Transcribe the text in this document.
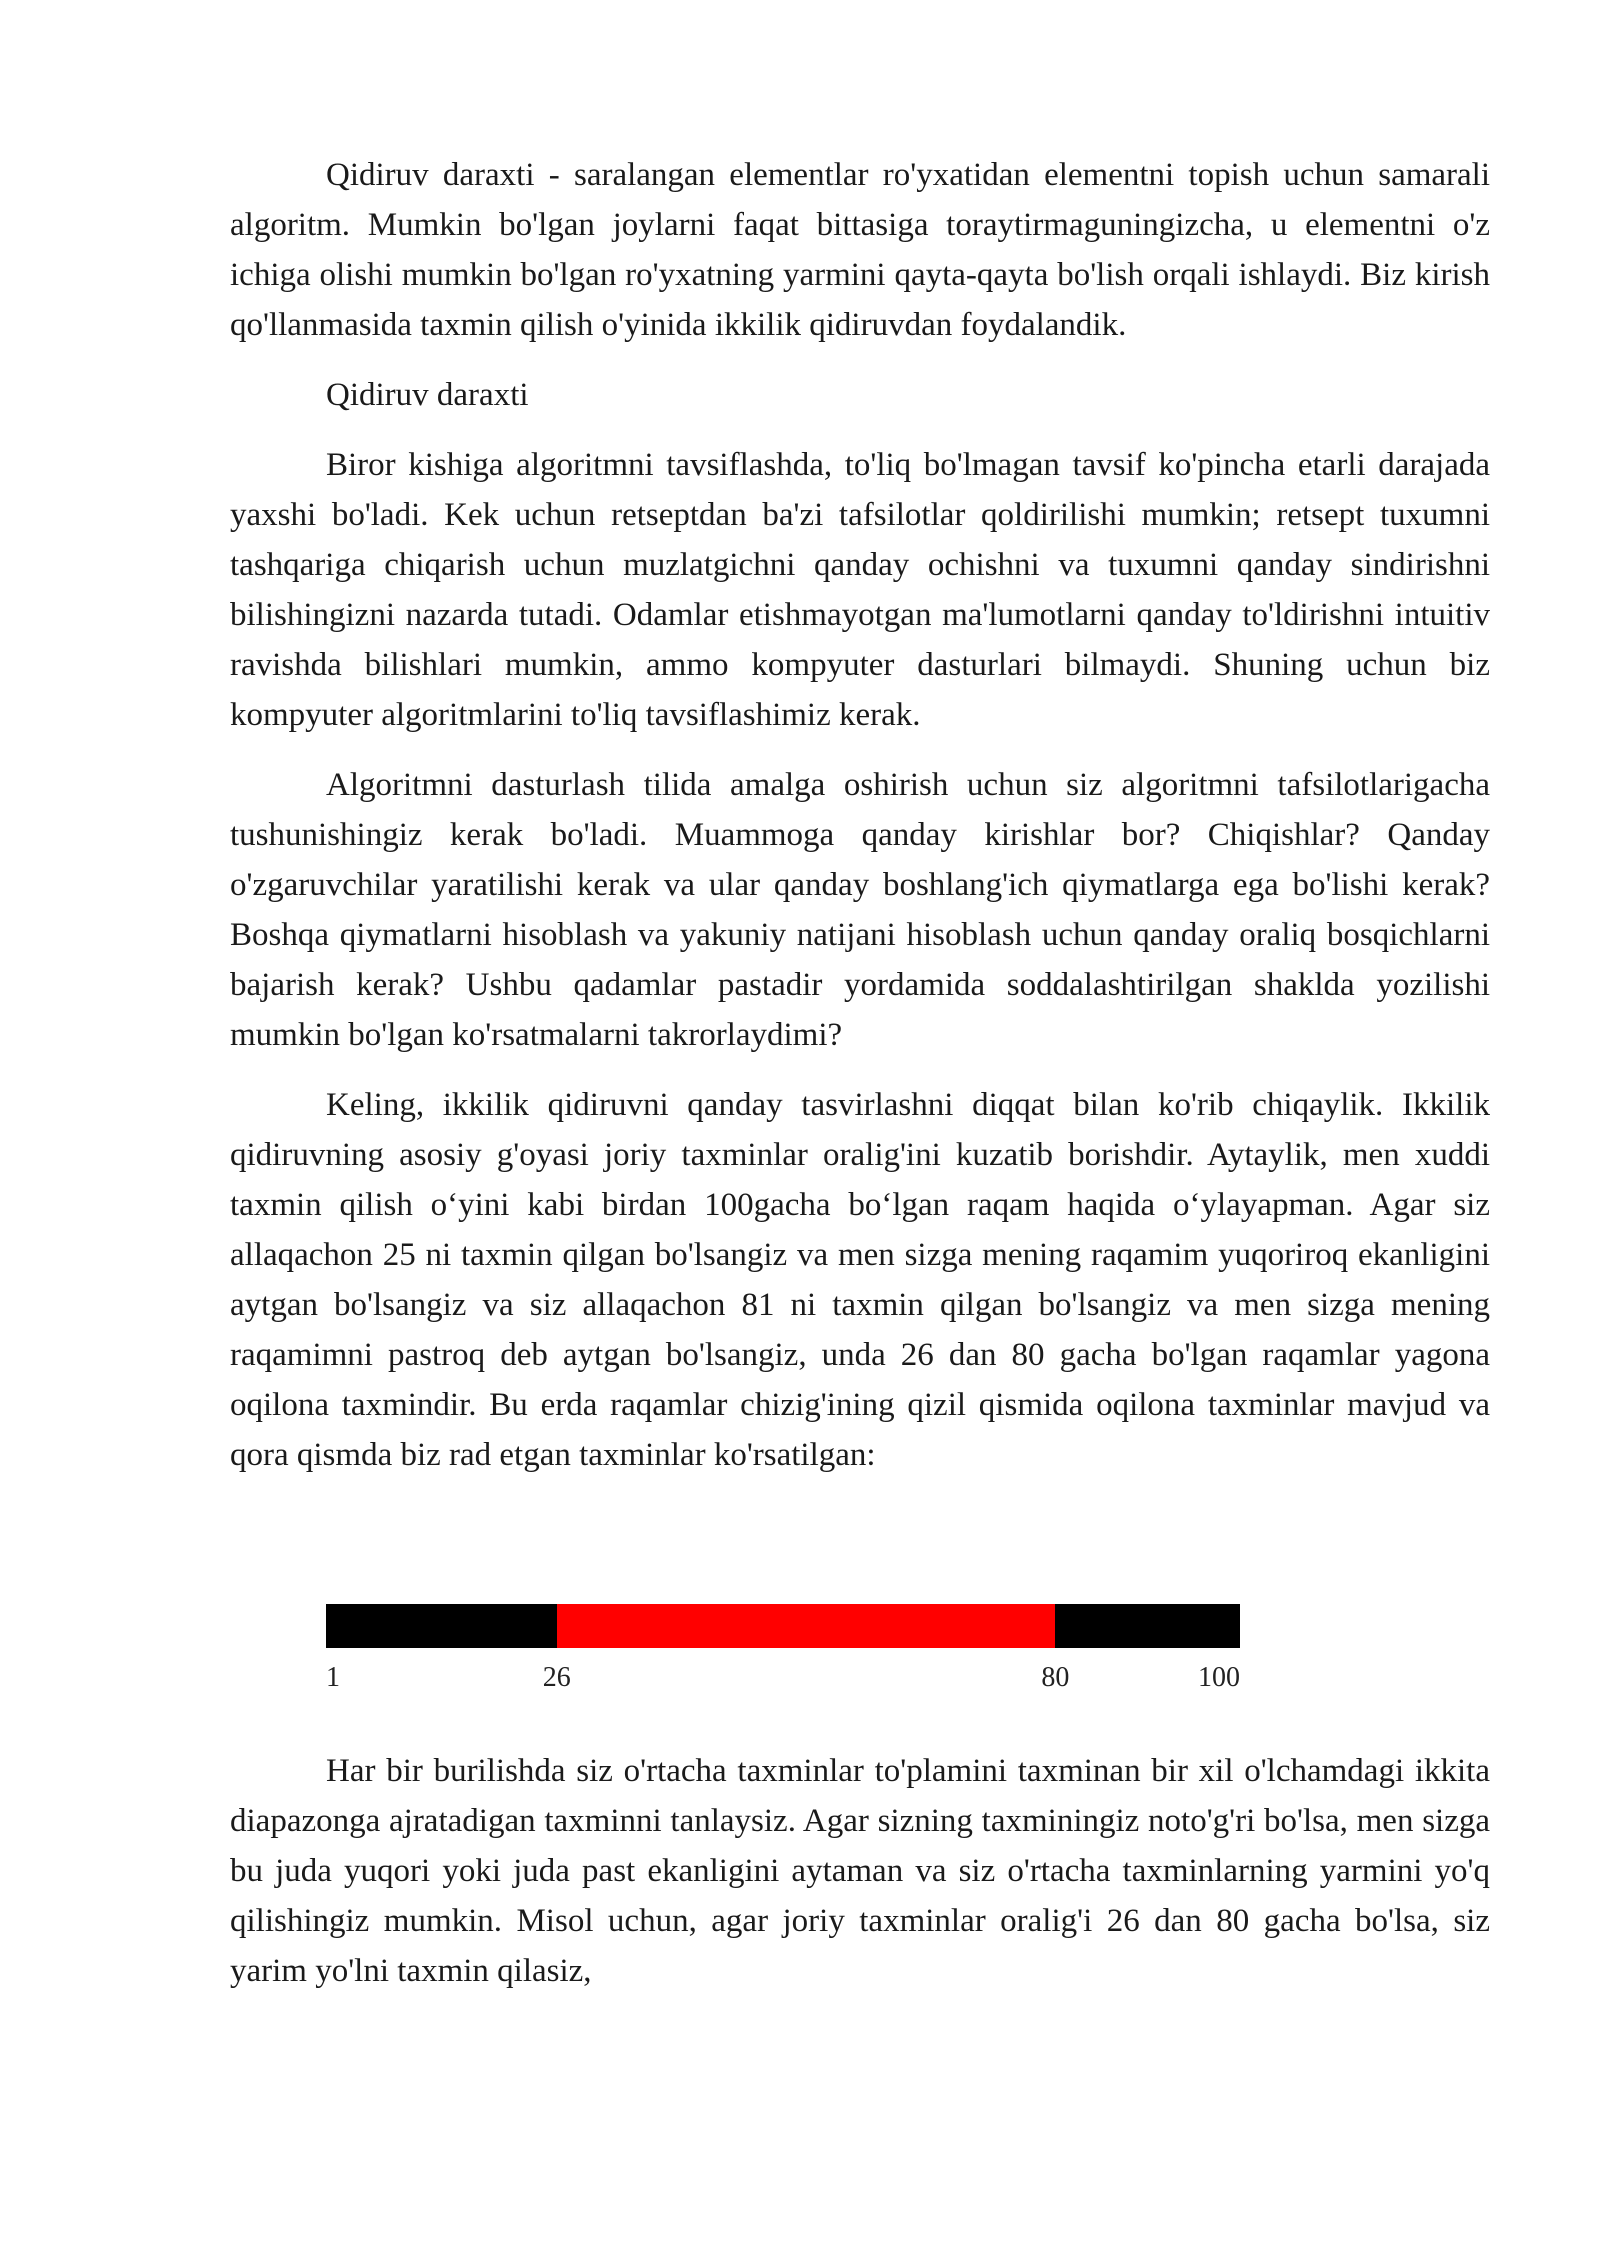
Qidiruv daraxti - saralangan elementlar ro'yxatidan elementni topish uchun samarali algoritm. Mumkin bo'lgan joylarni faqat bittasiga toraytirmaguningizcha, u elementni o'z ichiga olishi mumkin bo'lgan ro'yxatning yarmini qayta-qayta bo'lish orqali ishlaydi. Biz kirish qo'llanmasida taxmin qilish o'yinida ikkilik qidiruvdan foydalandik.

Qidiruv daraxti

Biror kishiga algoritmni tavsiflashda, to'liq bo'lmagan tavsif ko'pincha etarli darajada yaxshi bo'ladi. Kek uchun retseptdan ba'zi tafsilotlar qoldirilishi mumkin; retsept tuxumni tashqariga chiqarish uchun muzlatgichni qanday ochishni va tuxumni qanday sindirishni bilishingizni nazarda tutadi. Odamlar etishmayotgan ma'lumotlarni qanday to'ldirishni intuitiv ravishda bilishlari mumkin, ammo kompyuter dasturlari bilmaydi. Shuning uchun biz kompyuter algoritmlarini to'liq tavsiflashimiz kerak.

Algoritmni dasturlash tilida amalga oshirish uchun siz algoritmni tafsilotlarigacha tushunishingiz kerak bo'ladi. Muammoga qanday kirishlar bor? Chiqishlar? Qanday o'zgaruvchilar yaratilishi kerak va ular qanday boshlang'ich qiymatlarga ega bo'lishi kerak? Boshqa qiymatlarni hisoblash va yakuniy natijani hisoblash uchun qanday oraliq bosqichlarni bajarish kerak? Ushbu qadamlar pastadir yordamida soddalashtirilgan shaklda yozilishi mumkin bo'lgan ko'rsatmalarni takrorlaydimi?

Keling, ikkilik qidiruvni qanday tasvirlashni diqqat bilan ko'rib chiqaylik. Ikkilik qidiruvning asosiy g'oyasi joriy taxminlar oralig'ini kuzatib borishdir. Aytaylik, men xuddi taxmin qilish o‘yini kabi birdan 100gacha bo‘lgan raqam haqida o‘ylayapman. Agar siz allaqachon 25 ni taxmin qilgan bo'lsangiz va men sizga mening raqamim yuqoriroq ekanligini aytgan bo'lsangiz va siz allaqachon 81 ni taxmin qilgan bo'lsangiz va men sizga mening raqamimni pastroq deb aytgan bo'lsangiz, unda 26 dan 80 gacha bo'lgan raqamlar yagona oqilona taxmindir. Bu erda raqamlar chizig'ining qizil qismida oqilona taxminlar mavjud va qora qismda biz rad etgan taxminlar ko'rsatilgan:

1	26	80	100

Har bir burilishda siz o'rtacha taxminlar to'plamini taxminan bir xil o'lchamdagi ikkita diapazonga ajratadigan taxminni tanlaysiz. Agar sizning taxminingiz noto'g'ri bo'lsa, men sizga bu juda yuqori yoki juda past ekanligini aytaman va siz o'rtacha taxminlarning yarmini yo'q qilishingiz mumkin. Misol uchun, agar joriy taxminlar oralig'i 26 dan 80 gacha bo'lsa, siz yarim yo'lni taxmin qilasiz,
